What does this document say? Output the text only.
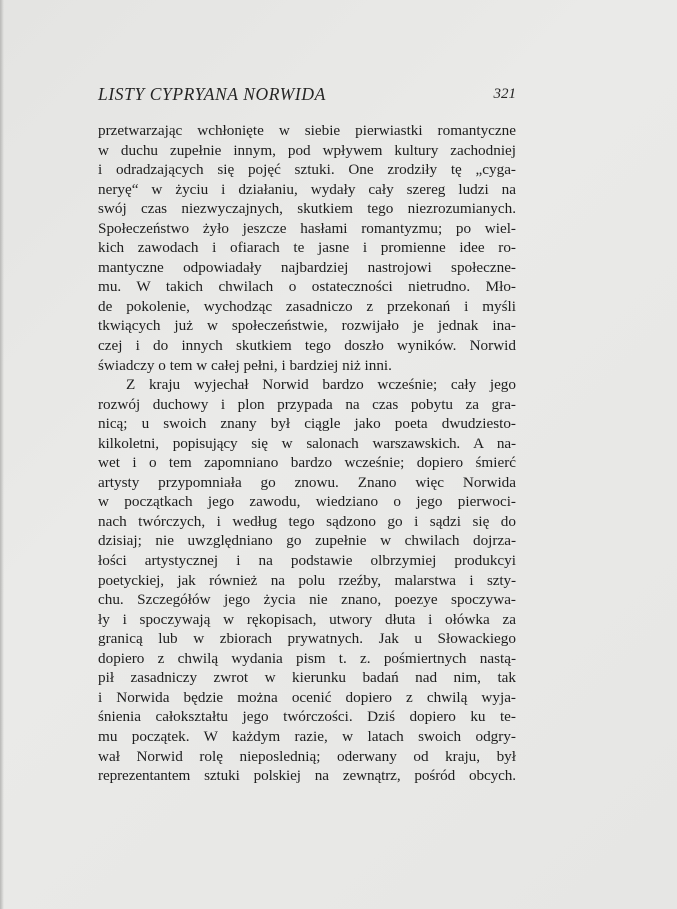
LISTY CYPRYANA NORWIDA	321
przetwarzając wchłonięte w siebie pierwiastki romantyczne
w duchu zupełnie innym, pod wpływem kultury zachodniej
i odradzających się pojęć sztuki. One zrodziły tę „cyga-
neryę“ w życiu i działaniu, wydały cały szereg ludzi na
swój czas niezwyczajnych, skutkiem tego niezrozumianych.
Społeczeństwo żyło jeszcze hasłami romantyzmu; po wiel-
kich zawodach i ofiarach te jasne i promienne idee ro-
mantyczne odpowiadały najbardziej nastrojowi społeczne-
mu. W takich chwilach o ostateczności nietrudno. Mło-
de pokolenie, wychodząc zasadniczo z przekonań i myśli
tkwiących już w społeczeństwie, rozwijało je jednak ina-
czej i do innych skutkiem tego doszło wyników. Norwid
świadczy o tem w całej pełni, i bardziej niż inni.
Z kraju wyjechał Norwid bardzo wcześnie; cały jego
rozwój duchowy i plon przypada na czas pobytu za gra-
nicą; u swoich znany był ciągle jako poeta dwudziesto-
kilkoletni, popisujący się w salonach warszawskich. A na-
wet i o tem zapomniano bardzo wcześnie; dopiero śmierć
artysty przypomniała go znowu. Znano więc Norwida
w początkach jego zawodu, wiedziano o jego pierwoci-
nach twórczych, i według tego sądzono go i sądzi się do
dzisiaj; nie uwzględniano go zupełnie w chwilach dojrza-
łości artystycznej i na podstawie olbrzymiej produkcyi
poetyckiej, jak również na polu rzeźby, malarstwa i szty-
chu. Szczegółów jego życia nie znano, poezye spoczywa-
ły i spoczywają w rękopisach, utwory dłuta i ołówka za
granicą lub w zbiorach prywatnych. Jak u Słowackiego
dopiero z chwilą wydania pism t. z. pośmiertnych nastą-
pił zasadniczy zwrot w kierunku badań nad nim, tak
i Norwida będzie można ocenić dopiero z chwilą wyja-
śnienia całokształtu jego twórczości. Dziś dopiero ku te-
mu początek. W każdym razie, w latach swoich odgry-
wał Norwid rolę nieposlednią; oderwany od kraju, był
reprezentantem sztuki polskiej na zewnątrz, pośród obcych.
